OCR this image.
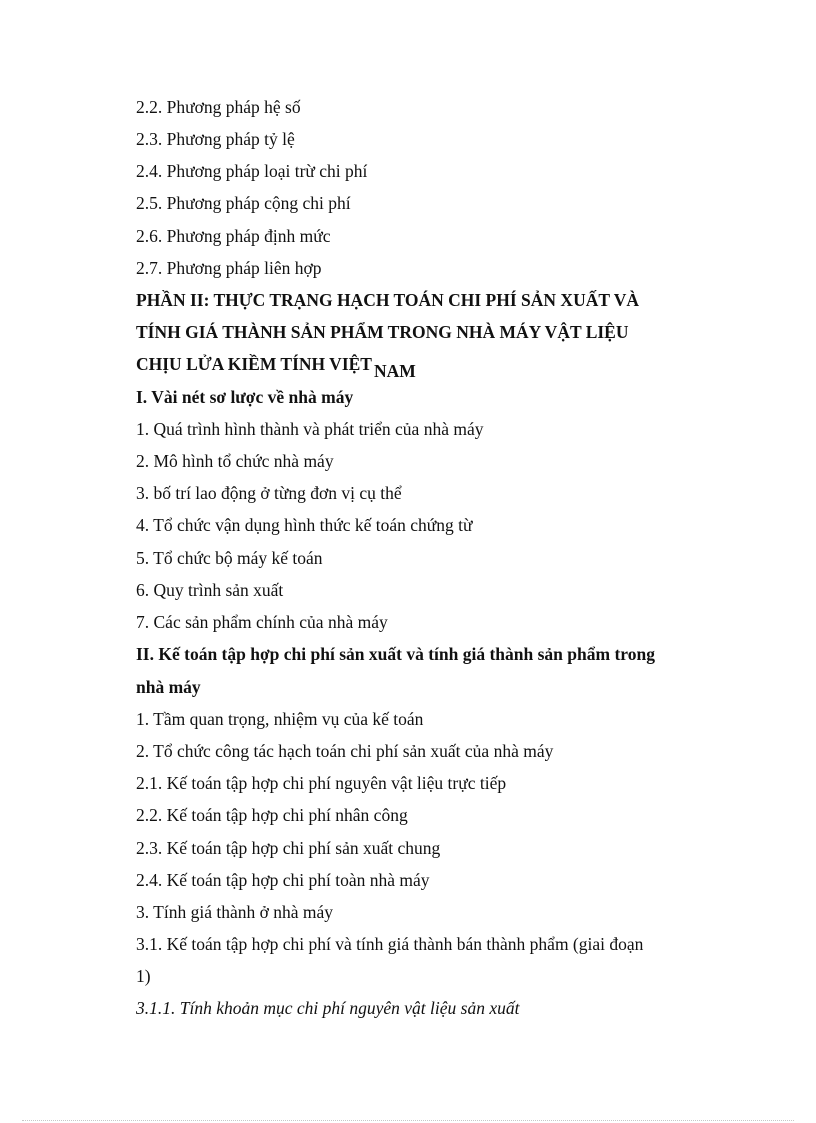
2.2. Phương pháp hệ số
2.3. Phương pháp tỷ lệ
2.4. Phương pháp loại trừ chi phí
2.5. Phương pháp cộng chi phí
2.6. Phương pháp định mức
2.7. Phương pháp liên hợp
PHẦN II: THỰC TRẠNG HẠCH TOÁN CHI PHÍ SẢN XUẤT VÀ
TÍNH GIÁ THÀNH SẢN PHẨM TRONG NHÀ MÁY VẬT LIỆU
CHỊU LỬA KIỀM TÍNH VIỆT NAM
I. Vài nét sơ lược về nhà máy
1. Quá trình hình thành và phát triển của nhà máy
2. Mô hình tổ chức nhà máy
3. bố trí lao động ở từng đơn vị cụ thể
4. Tổ chức vận dụng hình thức kế toán chứng từ
5. Tổ chức bộ máy kế toán
6. Quy trình sản xuất
7. Các sản phẩm chính của nhà máy
II. Kế toán tập hợp chi phí sản xuất và tính giá thành sản phẩm trong
nhà máy
1. Tầm quan trọng, nhiệm vụ của kế toán
2. Tổ chức công tác hạch toán chi phí sản xuất của nhà máy
2.1. Kế toán tập hợp chi phí nguyên vật liệu trực tiếp
2.2. Kế toán tập hợp chi phí nhân công
2.3. Kế toán tập hợp chi phí sản xuất chung
2.4. Kế toán tập hợp chi phí toàn nhà máy
3. Tính giá thành ở nhà máy
3.1. Kế toán tập hợp chi phí và tính giá thành bán thành phẩm (giai đoạn
1)
3.1.1. Tính khoản mục chi phí nguyên vật liệu sản xuất
